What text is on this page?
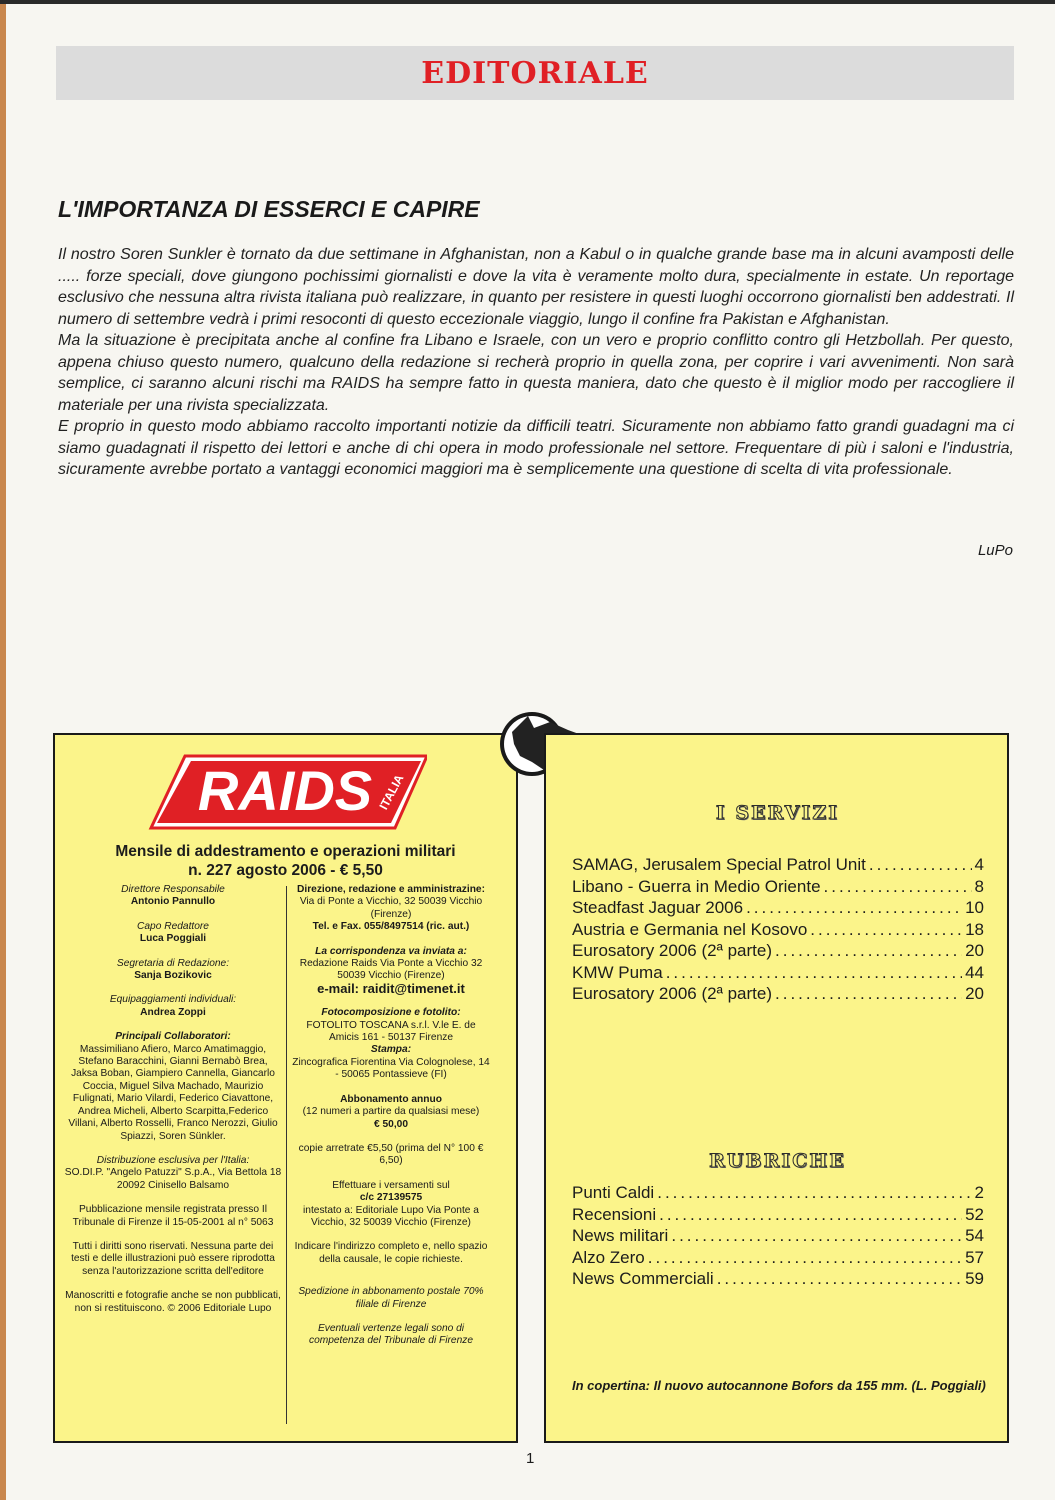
EDITORIALE
L'IMPORTANZA DI ESSERCI E CAPIRE
Il nostro Soren Sunkler è tornato da due settimane in Afghanistan, non a Kabul o in qualche grande base ma in alcuni avamposti delle ..... forze speciali, dove giungono pochissimi giornalisti e dove la vita è veramente molto dura, specialmente in estate. Un reportage esclusivo che nessuna altra rivista italiana può realizzare, in quanto per resistere in questi luoghi occorrono giornalisti ben addestrati. Il numero di settembre vedrà i primi resoconti di questo eccezionale viaggio, lungo il confine fra Pakistan e Afghanistan.
Ma la situazione è precipitata anche al confine fra Libano e Israele, con un vero e proprio conflitto contro gli Hetzbollah. Per questo, appena chiuso questo numero, qualcuno della redazione si recherà proprio in quella zona, per coprire i vari avvenimenti. Non sarà semplice, ci saranno alcuni rischi ma RAIDS ha sempre fatto in questa maniera, dato che questo è il miglior modo per raccogliere il materiale per una rivista specializzata.
E proprio in questo modo abbiamo raccolto importanti notizie da difficili teatri. Sicuramente non abbiamo fatto grandi guadagni ma ci siamo guadagnati il rispetto dei lettori e anche di chi opera in modo professionale nel settore. Frequentare di più i saloni e l'industria, sicuramente avrebbe portato a vantaggi economici maggiori ma è semplicemente una questione di scelta di vita professionale.
LuPo
RAIDS ITALIA
Mensile di addestramento e operazioni militari
n. 227 agosto 2006 - € 5,50

Direttore Responsabile
Antonio Pannullo

Capo Redattore
Luca Poggiali

Segretaria di Redazione:
Sanja Bozikovic

Equipaggiamenti individuali:
Andrea Zoppi

Principali Collaboratori:
Massimiliano Afiero, Marco Amatimaggio, Stefano Baracchini, Gianni Bernabò Brea, Jaksa Boban, Giampiero Cannella, Giancarlo Coccia, Miguel Silva Machado, Maurizio Fulignati, Mario Vilardi, Federico Ciavattone, Andrea Micheli, Alberto Scarpitta,Federico Villani, Alberto Rosselli, Franco Nerozzi, Giulio Spiazzi, Soren Sünkler.

Distribuzione esclusiva per l'Italia:
SO.DI.P. "Angelo Patuzzi" S.p.A., Via Bettola 18 20092 Cinisello Balsamo

Pubblicazione mensile registrata presso Il Tribunale di Firenze il 15-05-2001 al n° 5063

Tutti i diritti sono riservati. Nessuna parte dei testi e delle illustrazioni può essere riprodotta senza l'autorizzazione scritta dell'editore

Manoscritti e fotografie anche se non pubblicati, non si restituiscono. © 2006 Editoriale Lupo

Direzione, redazione e amministrazine:
Via di Ponte a Vicchio, 32 50039 Vicchio (Firenze)
Tel. e Fax. 055/8497514 (ric. aut.)

La corrispondenza va inviata a:
Redazione Raids Via Ponte a Vicchio 32 50039 Vicchio (Firenze)
e-mail: raidit@timenet.it

Fotocomposizione e fotolito:
FOTOLITO TOSCANA s.r.l. V.le E. de Amicis 161 - 50137 Firenze
Stampa:
Zincografica Fiorentina Via Colognolese, 14 - 50065 Pontassieve (FI)

Abbonamento annuo
(12 numeri a partire da qualsiasi mese)
€ 50,00

copie arretrate €5,50 (prima del N° 100 € 6,50)

Effettuare i versamenti sul
c/c 27139575
intestato a: Editoriale Lupo Via Ponte a Vicchio, 32 50039 Vicchio (Firenze)

Indicare l'indirizzo completo e, nello spazio della causale, le copie richieste.

Spedizione in abbonamento postale 70% filiale di Firenze

Eventuali vertenze legali sono di competenza del Tribunale di Firenze

I SERVIZI
SAMAG, Jerusalem Special Patrol Unit .....	4
Libano - Guerra in Medio Oriente .....	8
Steadfast Jaguar 2006 .....	10
Austria e Germania nel Kosovo .....	18
Eurosatory 2006 (2ª parte) .....	20
KMW Puma .....	44
Eurosatory 2006 (2ª parte) .....	20
RUBRICHE
Punti Caldi .....	2
Recensioni .....	52
News militari .....	54
Alzo Zero .....	57
News Commerciali .....	59
In copertina: Il nuovo autocannone Bofors da 155 mm. (L. Poggiali)
1
